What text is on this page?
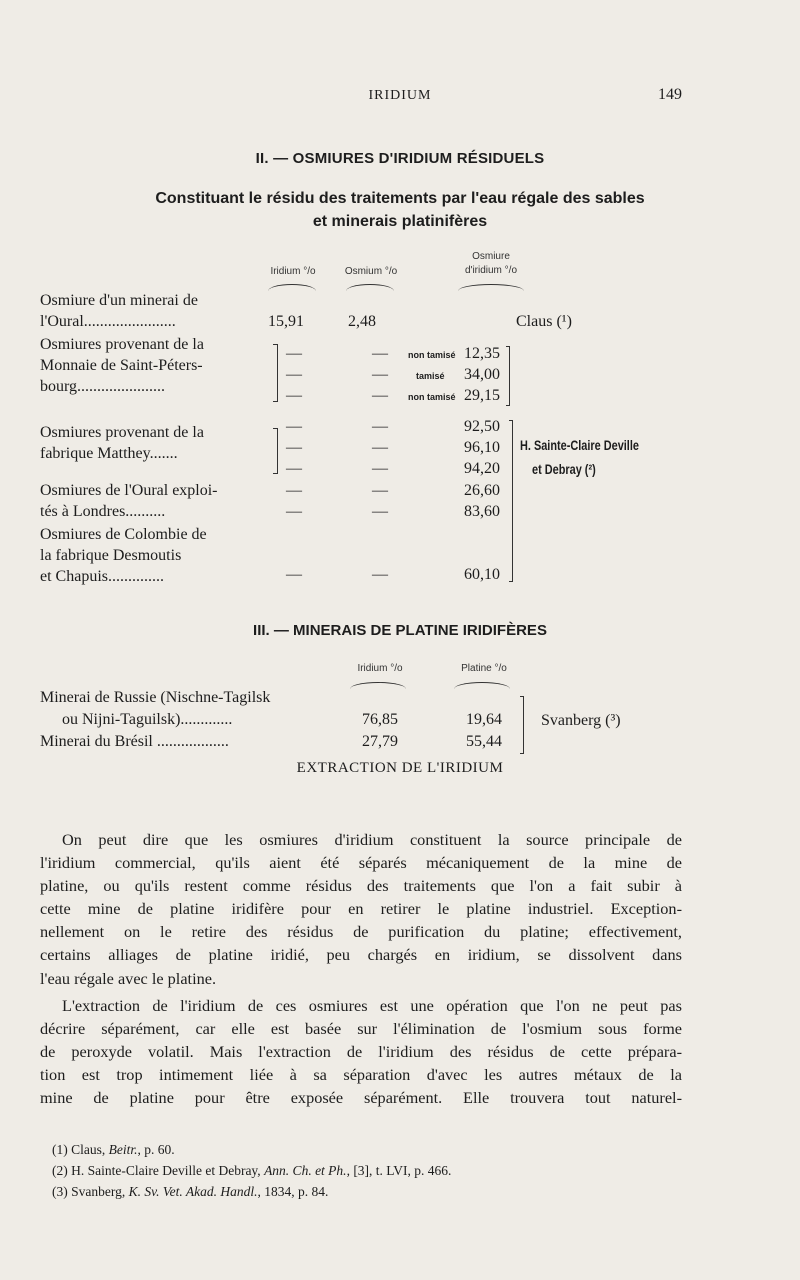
IRIDIUM	149
II. — OSMIURES D'IRIDIUM RÉSIDUELS
Constituant le résidu des traitements par l'eau régale des sables
et minerais platinifères
Iridium °/o	Osmium °/o
Osmiure
d'iridium °/o
Osmiure d'un minerai de
l'Oural.......................	15,91	2,48	Claus (¹)
Osmiures provenant de la
Monnaie de Saint-Péters-
bourg......................
—	— non tamisé 12,35
—	—	tamisé 34,00
—	— non tamisé 29,15
Osmiures provenant de la
fabrique Matthey.......
—	—	92,50
—	—	96,10
—	—	94,20
Osmiures de l'Oural exploi-
tés à Londres..........
—	—	26,60
—	—	83,60
Osmiures de Colombie de
la fabrique Desmoutis
et Chapuis..............	—	—	60,10
H. Sainte-Claire Deville
et Debray (²)
III. — MINERAIS DE PLATINE IRIDIFÈRES
Iridium °/o	Platine °/o
Minerai de Russie (Nischne-Tagilsk
ou Nijni-Taguilsk).............	76,85	19,64
Minerai du Brésil ..................	27,79	55,44
Svanberg (³)
EXTRACTION DE L'IRIDIUM
On peut dire que les osmiures d'iridium constituent la source principale de
l'iridium commercial, qu'ils aient été séparés mécaniquement de la mine de
platine, ou qu'ils restent comme résidus des traitements que l'on a fait subir à
cette mine de platine iridifère pour en retirer le platine industriel. Exception-
nellement on le retire des résidus de purification du platine; effectivement,
certains alliages de platine iridié, peu chargés en iridium, se dissolvent dans
l'eau régale avec le platine.
L'extraction de l'iridium de ces osmiures est une opération que l'on ne peut pas
décrire séparément, car elle est basée sur l'élimination de l'osmium sous forme
de peroxyde volatil. Mais l'extraction de l'iridium des résidus de cette prépara-
tion est trop intimement liée à sa séparation d'avec les autres métaux de la
mine de platine pour être exposée séparément. Elle trouvera tout naturel-
(1) Claus, Beitr., p. 60.
(2) H. Sainte-Claire Deville et Debray, Ann. Ch. et Ph., [3], t. LVI, p. 466.
(3) Svanberg, K. Sv. Vet. Akad. Handl., 1834, p. 84.
